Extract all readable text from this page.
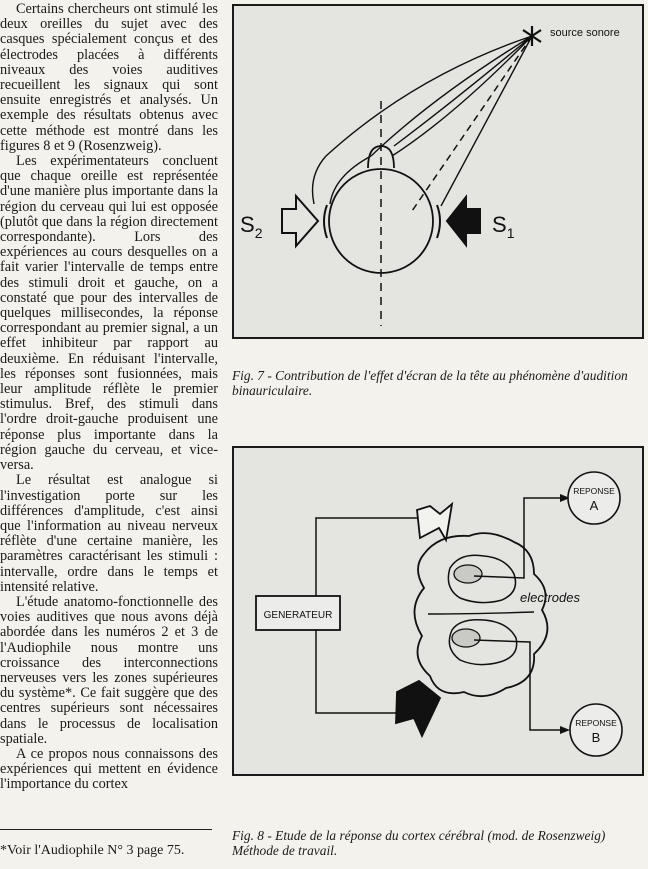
Certains chercheurs ont stimulé les deux oreilles du sujet avec des casques spécialement conçus et des électrodes placées à différents niveaux des voies auditives recueillent les signaux qui sont ensuite enregistrés et analysés. Un exemple des résultats obtenus avec cette méthode est montré dans les figures 8 et 9 (Rosenzweig).

Les expérimentateurs concluent que chaque oreille est représentée d'une manière plus importante dans la région du cerveau qui lui est opposée (plutôt que dans la région directement correspondante). Lors des expériences au cours desquelles on a fait varier l'intervalle de temps entre des stimuli droit et gauche, on a constaté que pour des intervalles de quelques millisecondes, la réponse correspondant au premier signal, a un effet inhibiteur par rapport au deuxième. En réduisant l'intervalle, les réponses sont fusionnées, mais leur amplitude réflète le premier stimulus. Bref, des stimuli dans l'ordre droit-gauche produisent une réponse plus importante dans la région gauche du cerveau, et vice-versa.

Le résultat est analogue si l'investigation porte sur les différences d'amplitude, c'est ainsi que l'information au niveau nerveux réflète d'une certaine manière, les paramètres caractérisant les stimuli : intervalle, ordre dans le temps et intensité relative.

L'étude anatomo-fonctionnelle des voies auditives que nous avons déjà abordée dans les numéros 2 et 3 de l'Audiophile nous montre uns croissance des interconnections nerveuses vers les zones supérieures du système*. Ce fait suggère que des centres supérieurs sont nécessaires dans le processus de localisation spatiale.

A ce propos nous connaissons des expériences qui mettent en évidence l'importance du cortex

*Voir l'Audiophile N° 3 page 75.
source sonore
$S_2$	$S_1$
Fig. 7 - Contribution de l'effet d'écran de la tête au phénomène d'audition binauriculaire.
GENERATEUR
electrodes
REPONSE
A
REPONSE
B
Fig. 8 - Etude de la réponse du cortex cérébral (mod. de Rosenzweig)
Méthode de travail.
